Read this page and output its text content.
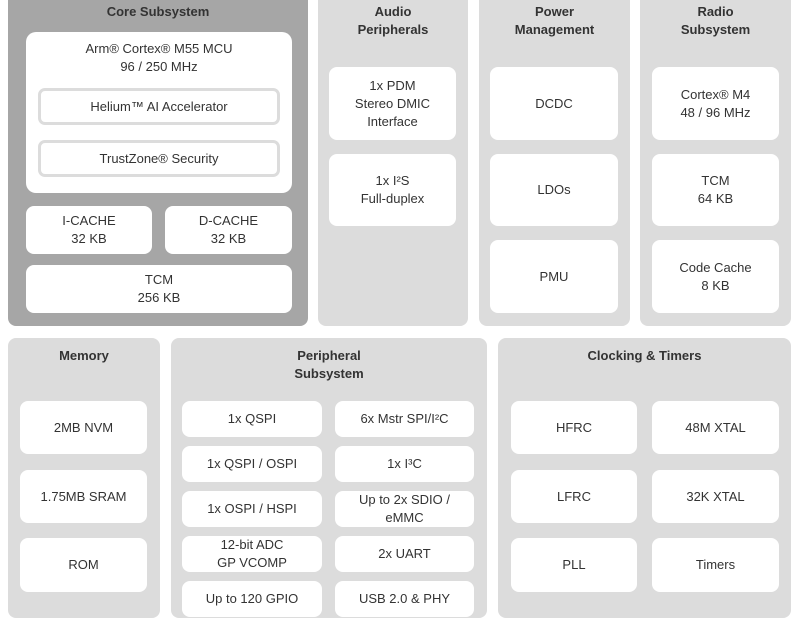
Core Subsystem
Arm® Cortex® M55 MCU
96 / 250 MHz
Helium™ AI Accelerator
TrustZone® Security
I-CACHE
32 KB
D-CACHE
32 KB
TCM
256 KB
Audio
Peripherals
1x PDM
Stereo DMIC
Interface
1x I²S
Full-duplex
Power
Management
DCDC
LDOs
PMU
Radio
Subsystem
Cortex® M4
48 / 96 MHz
TCM
64 KB
Code Cache
8 KB
Memory
2MB NVM
1.75MB SRAM
ROM
Peripheral
Subsystem
1x QSPI
1x QSPI / OSPI
1x OSPI / HSPI
12-bit ADC
GP VCOMP
Up to 120 GPIO
6x Mstr SPI/I²C
1x I³C
Up to 2x SDIO /
eMMC
2x UART
USB 2.0 & PHY
Clocking & Timers
HFRC
LFRC
PLL
48M XTAL
32K XTAL
Timers
